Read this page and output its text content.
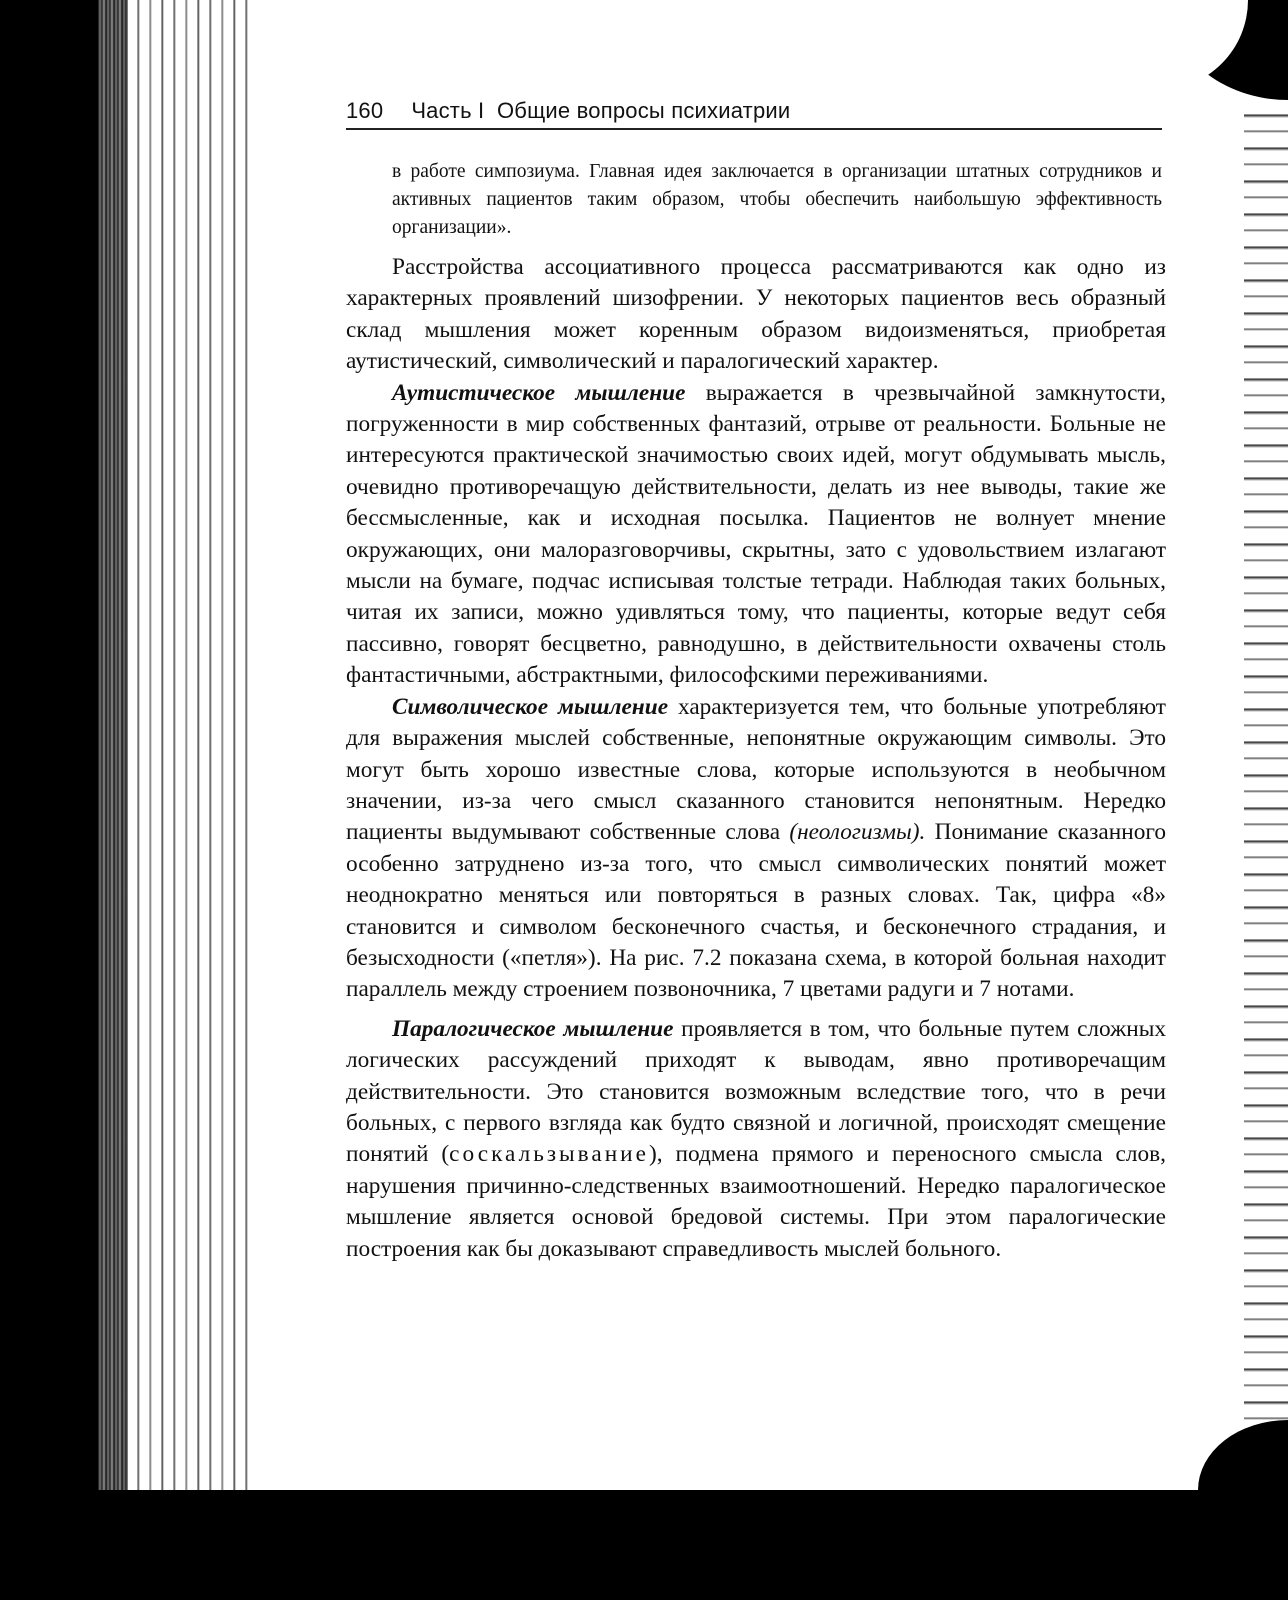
160 Часть I  Общие вопросы психиатрии

в работе симпозиума. Главная идея заключается в организации штатных сотрудников и активных пациентов таким образом, чтобы обеспечить наибольшую эффективность организации».

Расстройства ассоциативного процесса рассматриваются как одно из характерных проявлений шизофрении. У некоторых пациентов весь образный склад мышления может коренным образом видоизменяться, приобретая аутистический, символический и паралогический характер.

Аутистическое мышление выражается в чрезвычайной замкнутости, погруженности в мир собственных фантазий, отрыве от реальности. Больные не интересуются практической значимостью своих идей, могут обдумывать мысль, очевидно противоречащую действительности, делать из нее выводы, такие же бессмысленные, как и исходная посылка. Пациентов не волнует мнение окружающих, они малоразговорчивы, скрытны, зато с удовольствием излагают мысли на бумаге, подчас исписывая толстые тетради. Наблюдая таких больных, читая их записи, можно удивляться тому, что пациенты, которые ведут себя пассивно, говорят бесцветно, равнодушно, в действительности охвачены столь фантастичными, абстрактными, философскими переживаниями.

Символическое мышление характеризуется тем, что больные употребляют для выражения мыслей собственные, непонятные окружающим символы. Это могут быть хорошо известные слова, которые используются в необычном значении, из-за чего смысл сказанного становится непонятным. Нередко пациенты выдумывают собственные слова (неологизмы). Понимание сказанного особенно затруднено из-за того, что смысл символических понятий может неоднократно меняться или повторяться в разных словах. Так, цифра «8» становится и символом бесконечного счастья, и бесконечного страдания, и безысходности («петля»). На рис. 7.2 показана схема, в которой больная находит параллель между строением позвоночника, 7 цветами радуги и 7 нотами.

Паралогическое мышление проявляется в том, что больные путем сложных логических рассуждений приходят к выводам, явно противоречащим действительности. Это становится возможным вследствие того, что в речи больных, с первого взгляда как будто связной и логичной, происходят смещение понятий (соскальзывание), подмена прямого и переносного смысла слов, нарушения причинно-следственных взаимоотношений. Нередко паралогическое мышление является основой бредовой системы. При этом паралогические построения как бы доказывают справедливость мыслей больного.
